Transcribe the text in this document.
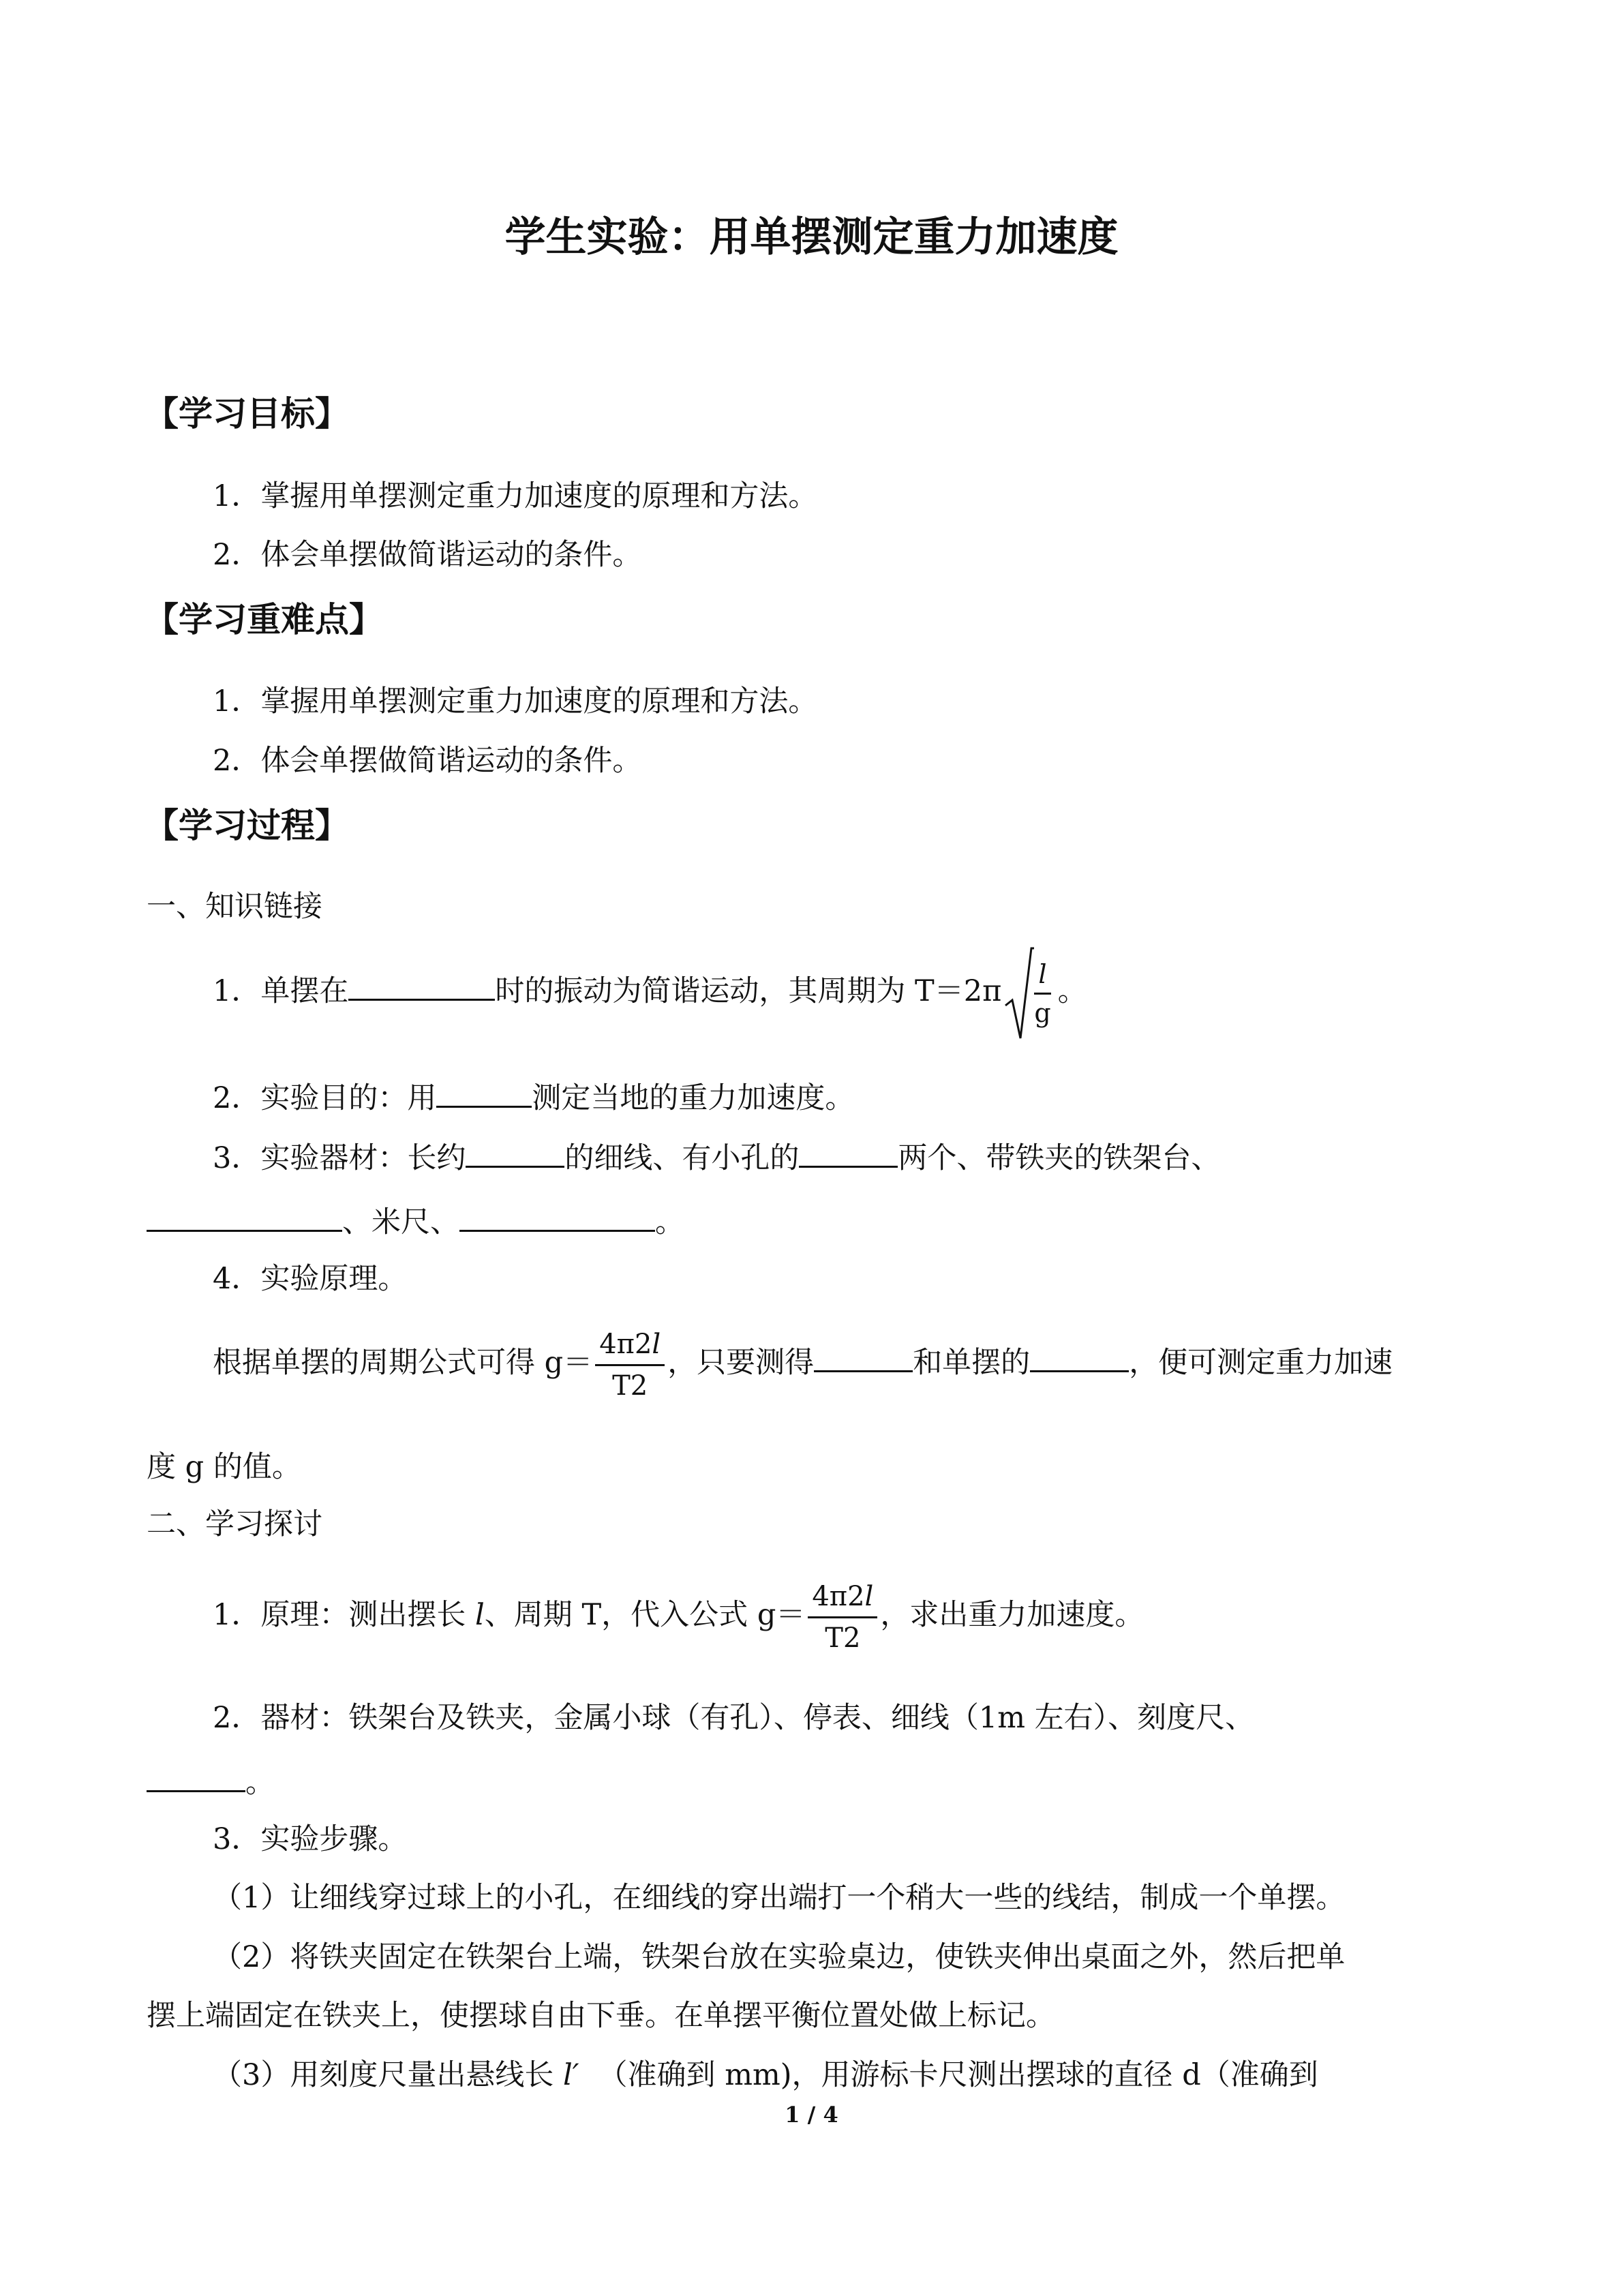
学生实验：用单摆测定重力加速度
【学习目标】
1．掌握用单摆测定重力加速度的原理和方法。
2．体会单摆做简谐运动的条件。
【学习重难点】
1．掌握用单摆测定重力加速度的原理和方法。
2．体会单摆做简谐运动的条件。
【学习过程】
一、知识链接
1．单摆在	时的振动为简谐运动，其周期为 $T=2\pi \frac{l}{g}$ 。
2．实验目的：用	测定当地的重力加速度。
3．实验器材：长约	的细线、有小孔的	两个、带铁夹的铁架台、
、米尺、	。
4．实验原理。
根据单摆的周期公式可得 $g= \frac{4\pi 2l}{T2}$ ，只要测得	和单摆的	，便可测定重力加速
度 g 的值。
二、学习探讨
1．原理：测出摆长 l、周期 T，代入公式 $g= \frac{4\pi 2l}{T2}$ ，求出重力加速度。
2．器材：铁架台及铁夹，金属小球（有孔）、停表、细线（1m 左右）、刻度尺、
。
3．实验步骤。
（1）让细线穿过球上的小孔，在细线的穿出端打一个稍大一些的线结，制成一个单摆。
（2）将铁夹固定在铁架台上端，铁架台放在实验桌边，使铁夹伸出桌面之外，然后把单
摆上端固定在铁夹上，使摆球自由下垂。在单摆平衡位置处做上标记。
（3）用刻度尺量出悬线长 l′ （准确到 mm)，用游标卡尺测出摆球的直径 d（准确到
1 / 4
